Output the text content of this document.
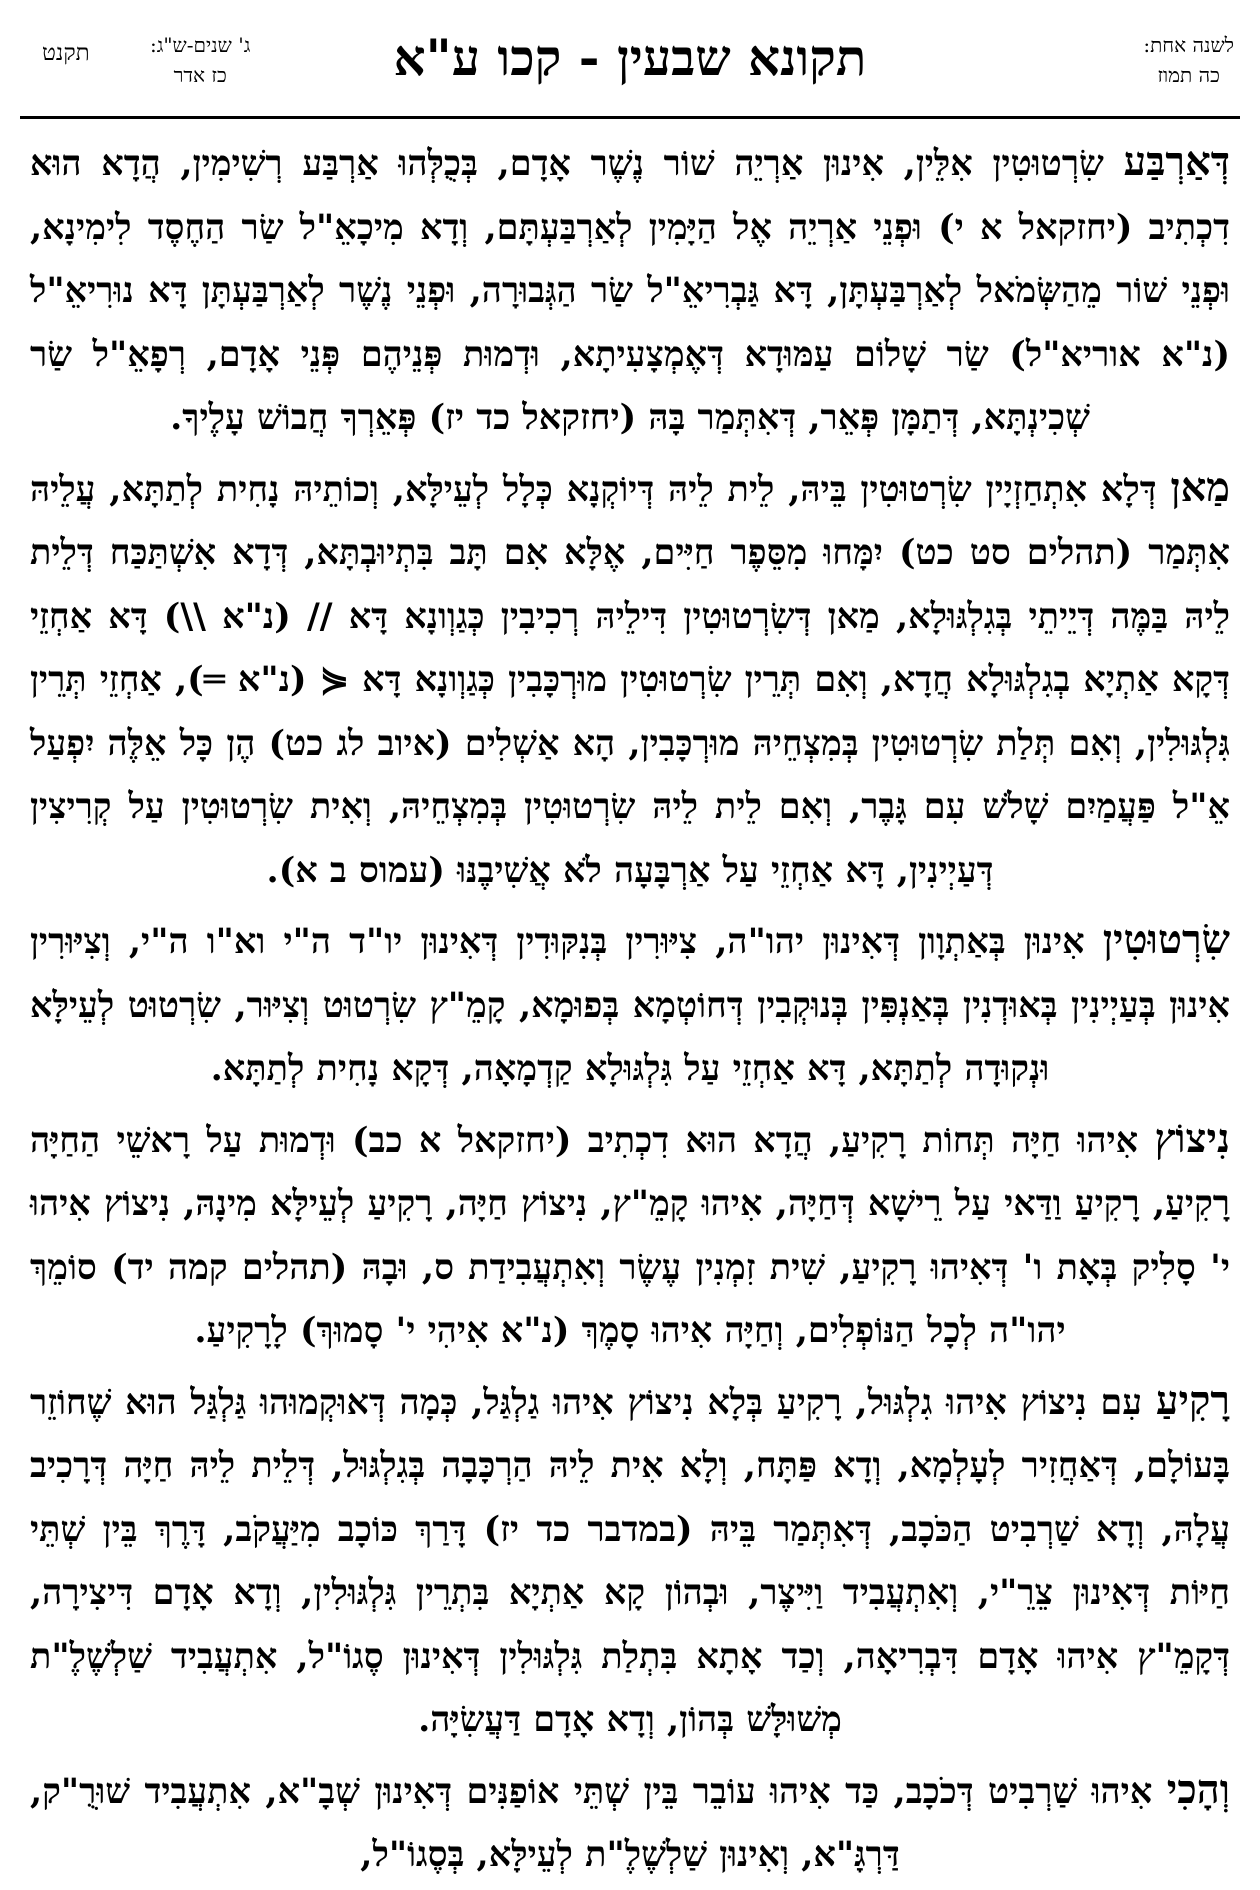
לשנה אחת:
כה תמוז
תקונא שבעין - קכו ע"א
ג' שנים-ש"ג:
כז אדר
תקנט

דְּאַרְבַּע שִׂרְטוּטִין אִלֵּין, אִינוּן אַרְיֵה שׁוֹר נֶשֶׁר אָדָם, בְּכֻלְּהוּ אַרְבַּע רְשִׁימִין, הֲדָא הוּא דִכְתִיב (יחזקאל א י) וּפְנֵי אַרְיֵה אֶל הַיָּמִין לְאַרְבַּעְתָּם, וְדָא מִיכָאֵ"ל שַׂר הַחֶסֶד לִימִינָא, וּפְנֵי שׁוֹר מֵהַשְּׂמֹאל לְאַרְבַּעְתָּן, דָּא גַּבְרִיאֵ"ל שַׂר הַגְּבוּרָה, וּפְנֵי נֶשֶׁר לְאַרְבַּעְתָּן דָּא נוּרִיאֵ"ל (נ"א אוריא"ל) שַׂר שָׁלוֹם עַמּוּדָא דְּאֶמְצָעִיתָא, וּדְמוּת פְּנֵיהֶם פְּנֵי אָדָם, רְפָאֵ"ל שַׂר שְׁכִינְתָּא, דְּתַמָּן פְּאֵר, דְּאִתְּמַר בָּהּ (יחזקאל כד יז) פְּאֵרְךָ חֲבוֹשׁ עָלֶיךָ.

מַאן דְּלָא אִתְחַזְיָין שִׂרְטוּטִין בֵּיהּ, לֵית לֵיהּ דְּיוֹקְנָא כְּלָל לְעֵילָּא, וְכוֹתֵיהּ נָחִית לְתַתָּא, עֲלֵיהּ אִתְּמַר (תהלים סט כט) יִמָּחוּ מִסֵּפֶר חַיִּים, אֶלָּא אִם תָּב בִּתְיוּבְתָּא, דְּדָא אִשְׁתַּכַּח דְּלֵית לֵיהּ בַּמֶּה דְּיֵיתֵי בְּגִלְגּוּלָא, מַאן דְּשִׂרְטוּטִין דִּילֵיהּ רְכִיבִין כְּגַוְונָא דָּא // (נ"א \\) דָּא אַחְזֵי דְּקָא אַתְיָא בְגִלְגּוּלָא חֲדָא, וְאִם תְּרֵין שִׂרְטוּטִין מוּרְכָּבִין כְּגַוְונָא דָּא ⋞ (נ"א ═), אַחְזֵי תְּרֵין גִּלְגּוּלִין, וְאִם תְּלַת שִׂרְטוּטִין בְּמִצְחֵיהּ מוּרְכָּבִין, הָא אַשְׁלִים (איוב לג כט) הֶן כָּל אֵלֶּה יִפְעַל אֵ"ל פַּעֲמַיִם שָׁלֹשׁ עִם גָּבֶר, וְאִם לֵית לֵיהּ שִׂרְטוּטִין בְּמִצְחֵיהּ, וְאִית שִׂרְטוּטִין עַל קְרִיצִין דְּעַיְינִין, דָּא אַחְזֵי עַל אַרְבָּעָה לֹא אֲשִׁיבֶנּוּ (עמוס ב א).

שִׂרְטוּטִין אִינוּן בְּאַתְוָון דְּאִינוּן יהו"ה, צִיּוּרִין בְּנִקּוּדִין דְּאִינוּן יו"ד ה"י וא"ו ה"י, וְצִיּוּרִין אִינוּן בְּעַיְינִין בְּאוּדְנִין בְּאַנְפִּין בְּנוּקְבִין דְּחוֹטְמָא בְּפוּמָא, קָמֵ"ץ שִׂרְטוּט וְצִיּוּר, שִׂרְטוּט לְעֵילָּא וּנְקוּדָה לְתַתָּא, דָּא אַחְזֵי עַל גִּלְגּוּלָא קַדְמָאָה, דְּקָא נָחִית לְתַתָּא.

נִיצוֹץ אִיהוּ חַיָּה תְּחוֹת רָקִיעַ, הֲדָא הוּא דִכְתִיב (יחזקאל א כב) וּדְמוּת עַל רָאשֵׁי הַחַיָּה רָקִיעַ, רָקִיעַ וַדַּאי עַל רֵישָׁא דְּחַיָּה, אִיהוּ קָמֵ"ץ, נִיצוֹץ חַיָּה, רָקִיעַ לְעֵילָּא מִינָהּ, נִיצוֹץ אִיהוּ י' סָלִיק בְּאָת ו' דְּאִיהוּ רָקִיעַ, שִׁית זִמְנִין עֶשֶׂר וְאִתְעֲבִידַת ס, וּבָהּ (תהלים קמה יד) סוֹמֵךְ יהו"ה לְכָל הַנּוֹפְלִים, וְחַיָּה אִיהוּ סָמֶךְ (נ"א אִיהִי י' סָמוּךְ) לָרָקִיעַ.

רָקִיעַ עִם נִיצוֹץ אִיהוּ גִלְגּוּל, רָקִיעַ בְּלָא נִיצוֹץ אִיהוּ גַלְגַּל, כְּמָה דְּאוּקְמוּהוּ גַּלְגַּל הוּא שֶׁחוֹזֵר בָּעוֹלָם, דְּאַחֲזִיר לְעָלְמָא, וְדָא פַּתָּח, וְלָא אִית לֵיהּ הַרְכָּבָה בְּגִלְגּוּל, דְּלֵית לֵיהּ חַיָּה דְּרָכִיב עֲלָהּ, וְדָא שַׁרְבִיט הַכֹּכָב, דְּאִתְּמַר בֵּיהּ (במדבר כד יז) דָּרַךְ כּוֹכָב מִיַּעֲקֹב, דָּרֶךְ בֵּין שְׁתֵּי חַיּוֹת דְּאִינוּן צֵרֵ"י, וְאִתְעֲבִיד וַיִּיצֶר, וּבְהוֹן קָא אַתְיָא בִּתְרֵין גִּלְגּוּלִין, וְדָא אָדָם דִּיצִירָה, דְּקָמֵ"ץ אִיהוּ אָדָם דִּבְרִיאָה, וְכַד אָתָא בִּתְלַת גִּלְגּוּלִין דְּאִינוּן סֶגוֹ"ל, אִתְעֲבִיד שַׁלְשֶׁלֶ"ת מְשׁוּלָּשׁ בְּהוֹן, וְדָא אָדָם דַּעֲשִׂיָּה.

וְהָכִי אִיהוּ שַׁרְבִיט דְּכֹכָב, כַּד אִיהוּ עוֹבֵר בֵּין שְׁתֵּי אוֹפַנִּים דְּאִינוּן שְׁבָ"א, אִתְעֲבִיד שׁוּרֻ"ק, דַּרְגָּ"א, וְאִינוּן שַׁלְשֶׁלֶ"ת לְעֵילָּא, בְּסֶגוֹ"ל,
